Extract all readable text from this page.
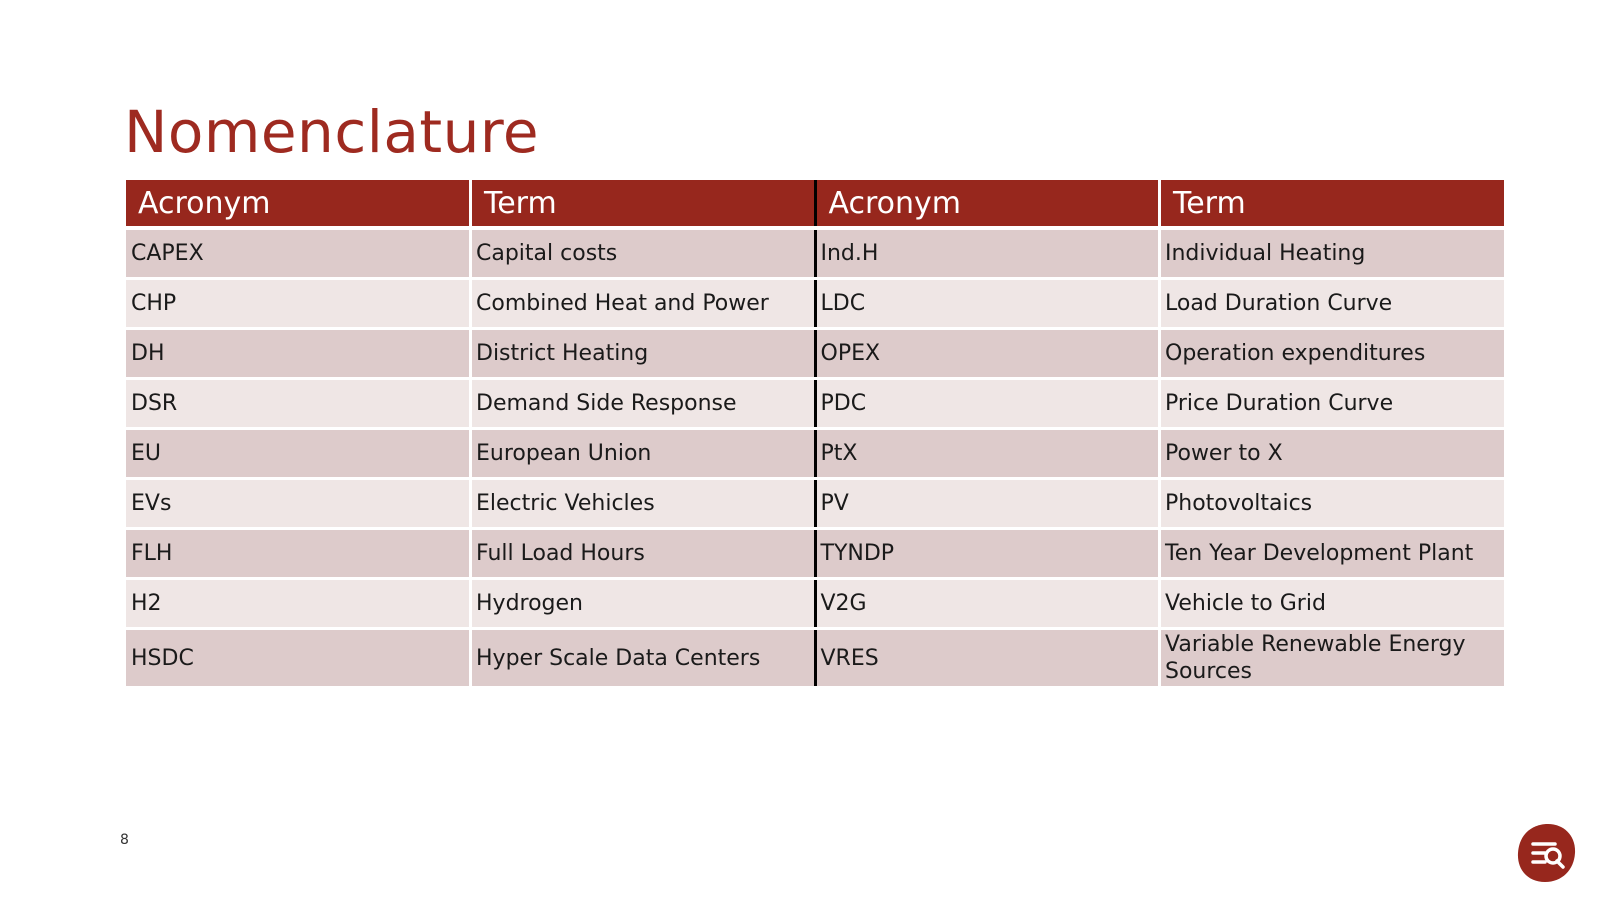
Nomenclature
Acronym	Term	Acronym	Term
CAPEX	Capital costs	Ind.H	Individual Heating
CHP	Combined Heat and Power	LDC	Load Duration Curve
DH	District Heating	OPEX	Operation expenditures
DSR	Demand Side Response	PDC	Price Duration Curve
EU	European Union	PtX	Power to X
EVs	Electric Vehicles	PV	Photovoltaics
FLH	Full Load Hours	TYNDP	Ten Year Development Plant
H2	Hydrogen	V2G	Vehicle to Grid
HSDC	Hyper Scale Data Centers	VRES	Variable Renewable Energy Sources
8
